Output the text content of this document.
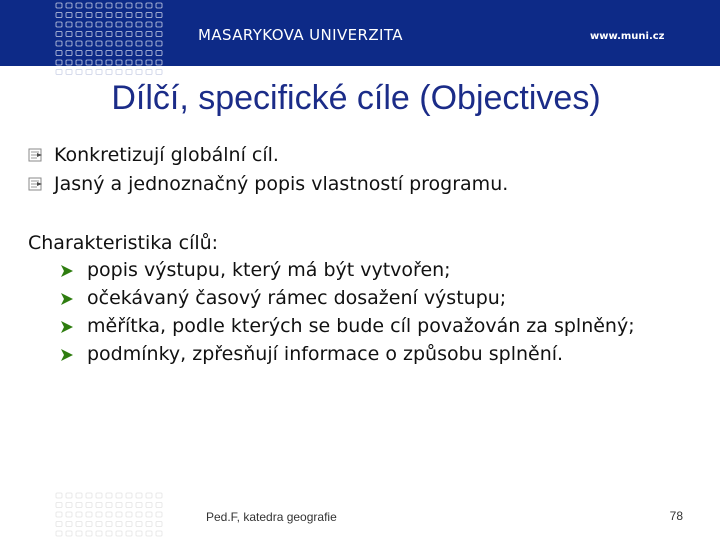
MASARYKOVA UNIVERZITA	www.muni.cz
Dílčí, specifické cíle (Objectives)
Konkretizují globální cíl.
Jasný a jednoznačný popis vlastností programu.
Charakteristika cílů:
popis výstupu, který má být vytvořen;
očekávaný časový rámec dosažení výstupu;
měřítka, podle kterých se bude cíl považován za splněný;
podmínky, zpřesňují informace o způsobu splnění.
Ped.F, katedra geografie	78
